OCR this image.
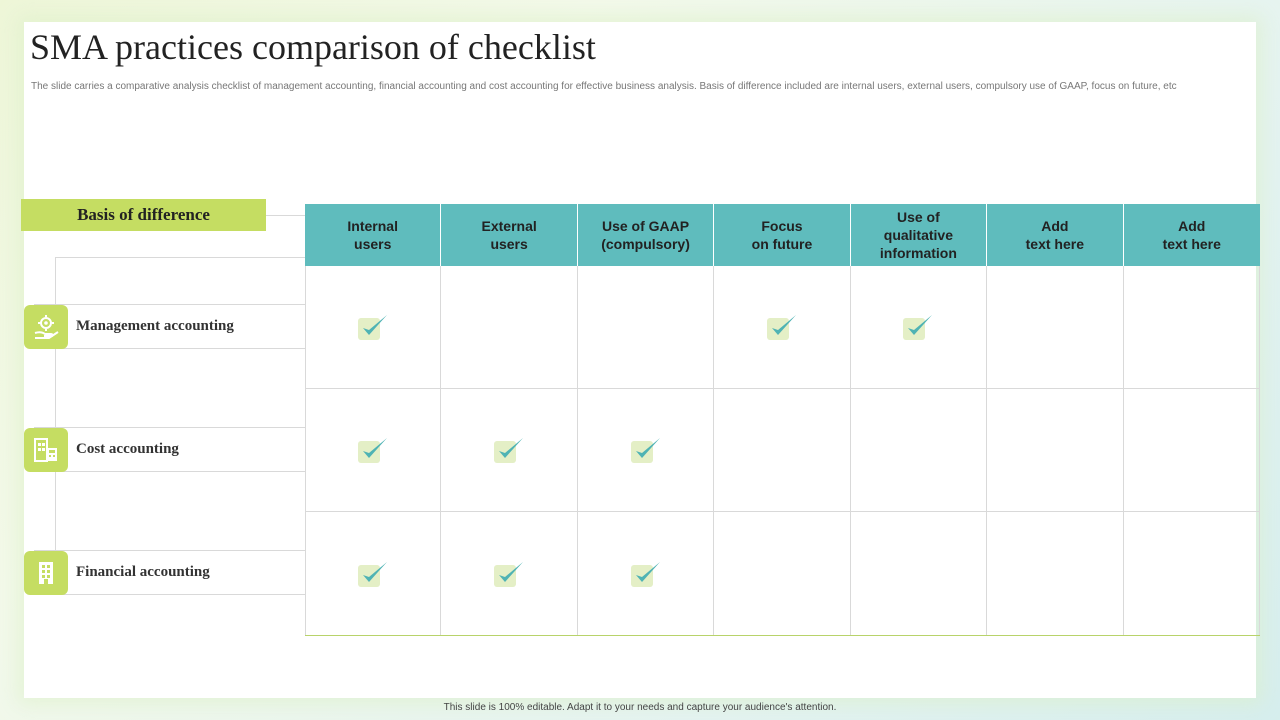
SMA practices comparison of checklist

The slide carries a comparative analysis checklist of management accounting, financial accounting and cost accounting for effective business analysis. Basis of difference included are internal users, external users, compulsory use of GAAP, focus on future, etc

Basis of difference
Management accounting
Cost accounting
Financial accounting
Internal
users
External
users
Use of GAAP
(compulsory)
Focus
on future
Use of
qualitative
information
Add
text here
Add
text here
This slide is 100% editable. Adapt it to your needs and capture your audience's attention.
